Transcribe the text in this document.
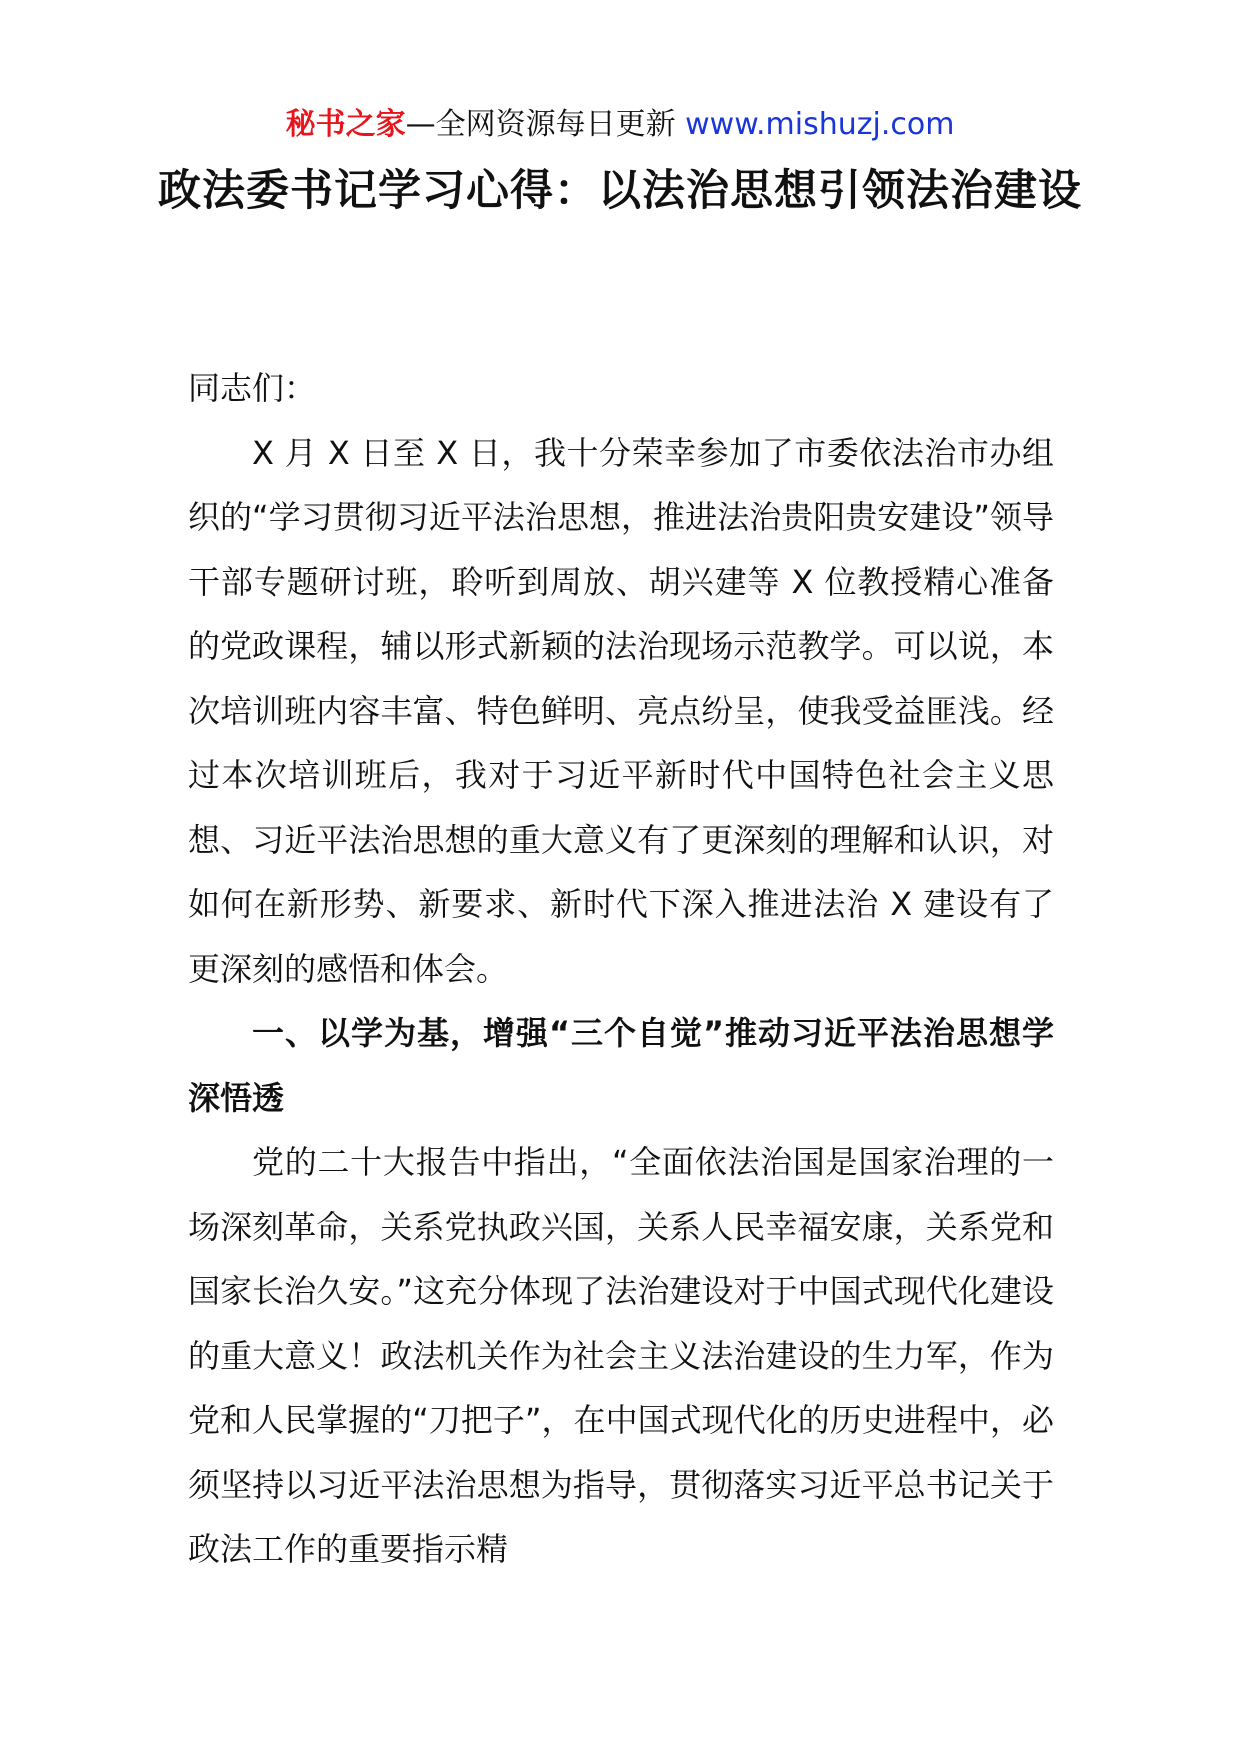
秘书之家—全网资源每日更新 www.mishuzj.com
政法委书记学习心得：以法治思想引领法治建设

同志们：

X 月 X 日至 X 日，我十分荣幸参加了市委依法治市办组织的“学习贯彻习近平法治思想，推进法治贵阳贵安建设”领导干部专题研讨班，聆听到周放、胡兴建等 X 位教授精心准备的党政课程，辅以形式新颖的法治现场示范教学。可以说，本次培训班内容丰富、特色鲜明、亮点纷呈，使我受益匪浅。经过本次培训班后，我对于习近平新时代中国特色社会主义思想、习近平法治思想的重大意义有了更深刻的理解和认识，对如何在新形势、新要求、新时代下深入推进法治 X 建设有了更深刻的感悟和体会。

一、以学为基，增强“三个自觉”推动习近平法治思想学深悟透

党的二十大报告中指出，“全面依法治国是国家治理的一场深刻革命，关系党执政兴国，关系人民幸福安康，关系党和国家长治久安。”这充分体现了法治建设对于中国式现代化建设的重大意义！政法机关作为社会主义法治建设的生力军，作为党和人民掌握的“刀把子”，在中国式现代化的历史进程中，必须坚持以习近平法治思想为指导，贯彻落实习近平总书记关于政法工作的重要指示精
